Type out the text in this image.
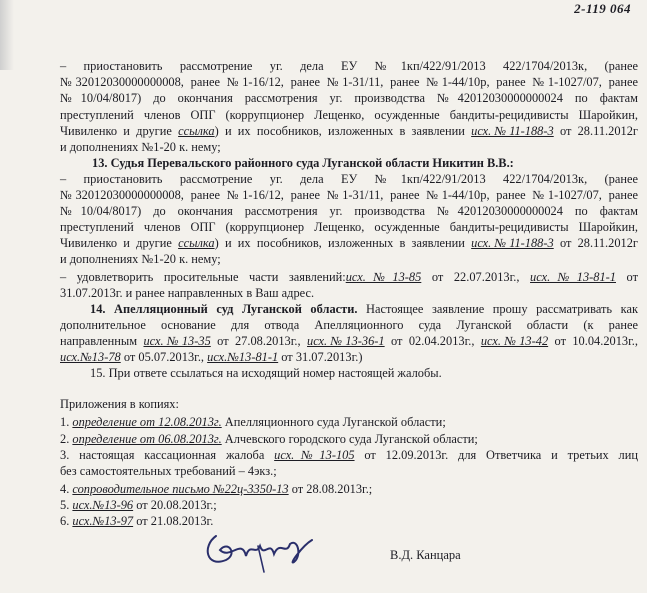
2-119 064
– приостановить рассмотрение уг. дела ЕУ №1кп/422/91/2013 422/1704/2013к, (ранее
№32012030000000008, ранее №1-16/12, ранее №1-31/11, ранее №1-44/10р, ранее №1-1027/07, ранее
№10/04/8017) до окончания рассмотрения уг. производства №42012030000000024 по фактам
преступлений членов ОПГ (коррупционер Лещенко, осужденные бандиты-рецидивисты Шаройкин,
Чивиленко и другие ссылка) и их пособников, изложенных в заявлении исх.№11-188-3 от 28.11.2012г
и дополнениях №1-20 к. нему;
13. Судья Перевальского районного суда Луганской области Никитин В.В.:
– приостановить рассмотрение уг. дела ЕУ №1кп/422/91/2013 422/1704/2013к, (ранее
№32012030000000008, ранее №1-16/12, ранее №1-31/11, ранее №1-44/10р, ранее №1-1027/07, ранее
№10/04/8017) до окончания рассмотрения уг. производства №42012030000000024 по фактам
преступлений членов ОПГ (коррупционер Лещенко, осужденные бандиты-рецидивисты Шаройкин,
Чивиленко и другие ссылка) и их пособников, изложенных в заявлении исх.№11-188-3 от 28.11.2012г
и дополнениях №1-20 к. нему;
– удовлетворить просительные части заявлений:исх.№13-85 от 22.07.2013г., исх.№13-81-1 от
31.07.2013г. и ранее направленных в Ваш адрес.
14. Апелляционный суд Луганской области. Настоящее заявление прошу рассматривать как
дополнительное основание для отвода Апелляционного суда Луганской области (к ранее
направленным исх.№13-35 от 27.08.2013г., исх.№13-36-1 от 02.04.2013г., исх.№13-42 от 10.04.2013г.,
исх.№13-78 от 05.07.2013г., исх.№13-81-1 от 31.07.2013г.)
15. При ответе ссылаться на исходящий номер настоящей жалобы.
Приложения в копиях:
1. определение от 12.08.2013г. Апелляционного суда Луганской области;
2. определение от 06.08.2013г. Алчевского городского суда Луганской области;
3. настоящая кассационная жалоба исх.№13-105 от 12.09.2013г. для Ответчика и третьих лиц
без самостоятельных требований – 4экз.;
4. сопроводительное письмо №22ц-3350-13 от 28.08.2013г.;
5. исх.№13-96 от 20.08.2013г.;
6. исх.№13-97 от 21.08.2013г.
В.Д. Канцара
